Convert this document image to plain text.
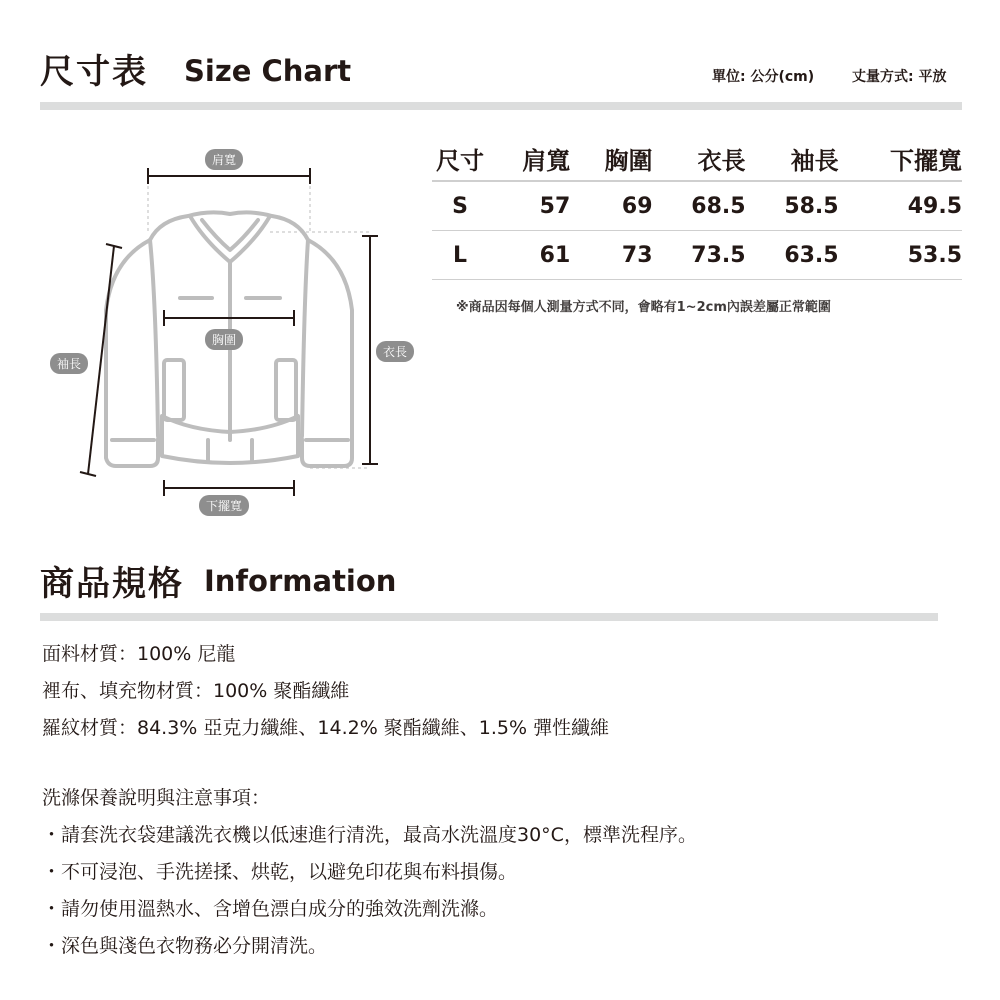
尺寸表 Size Chart	單位: 公分(cm)	丈量方式: 平放
肩寬
胸圍
袖長
衣長
下擺寬
尺寸	肩寬	胸圍	衣長	袖長	下擺寬
S	57	69	68.5	58.5	49.5
L	61	73	73.5	63.5	53.5
※商品因每個人測量方式不同，會略有1~2cm內誤差屬正常範圍
商品規格 Information
面料材質：100% 尼龍
裡布、填充物材質：100% 聚酯纖維
羅紋材質：84.3% 亞克力纖維、14.2% 聚酯纖維、1.5% 彈性纖維
洗滌保養說明與注意事項：
・請套洗衣袋建議洗衣機以低速進行清洗，最高水洗溫度30°C，標準洗程序。
・不可浸泡、手洗搓揉、烘乾，以避免印花與布料損傷。
・請勿使用溫熱水、含增色漂白成分的強效洗劑洗滌。
・深色與淺色衣物務必分開清洗。
